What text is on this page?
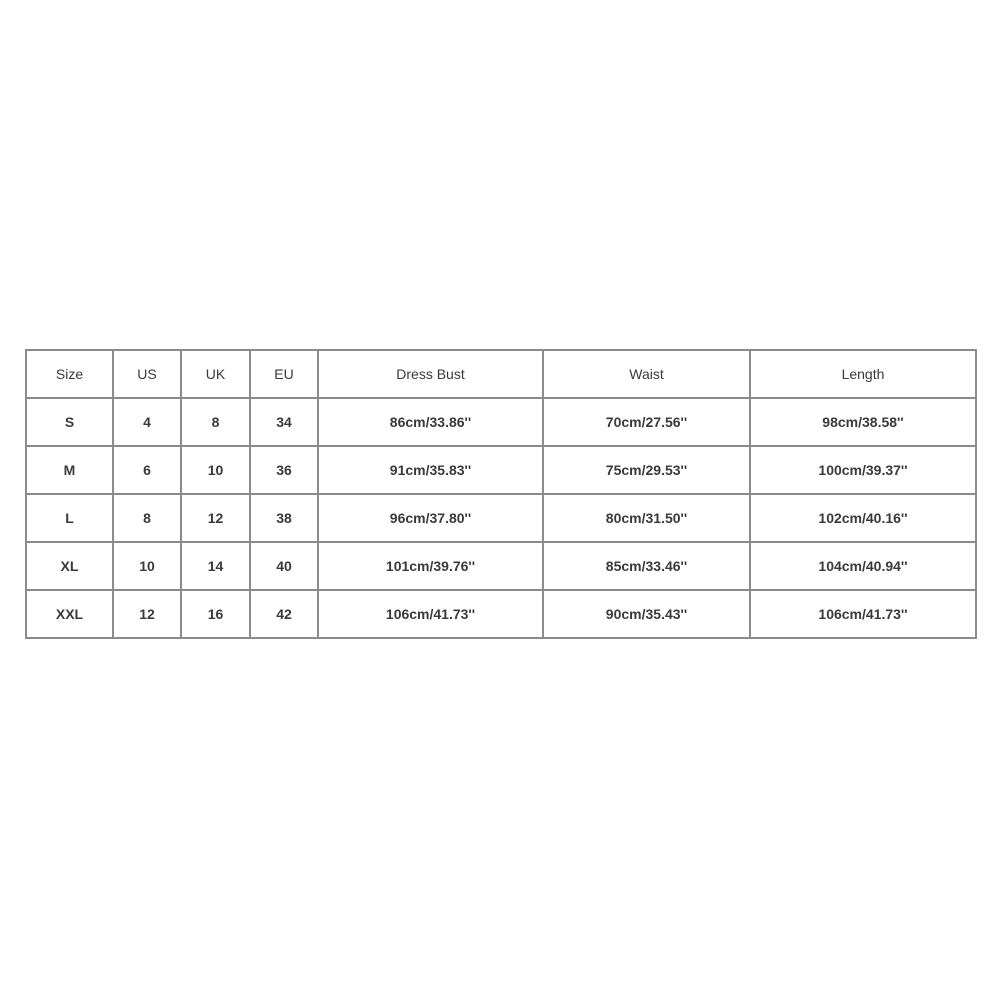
Size	US	UK	EU	Dress Bust	Waist	Length
S	4	8	34	86cm/33.86''	70cm/27.56''	98cm/38.58''
M	6	10	36	91cm/35.83''	75cm/29.53''	100cm/39.37''
L	8	12	38	96cm/37.80''	80cm/31.50''	102cm/40.16''
XL	10	14	40	101cm/39.76''	85cm/33.46''	104cm/40.94''
XXL	12	16	42	106cm/41.73''	90cm/35.43''	106cm/41.73''
